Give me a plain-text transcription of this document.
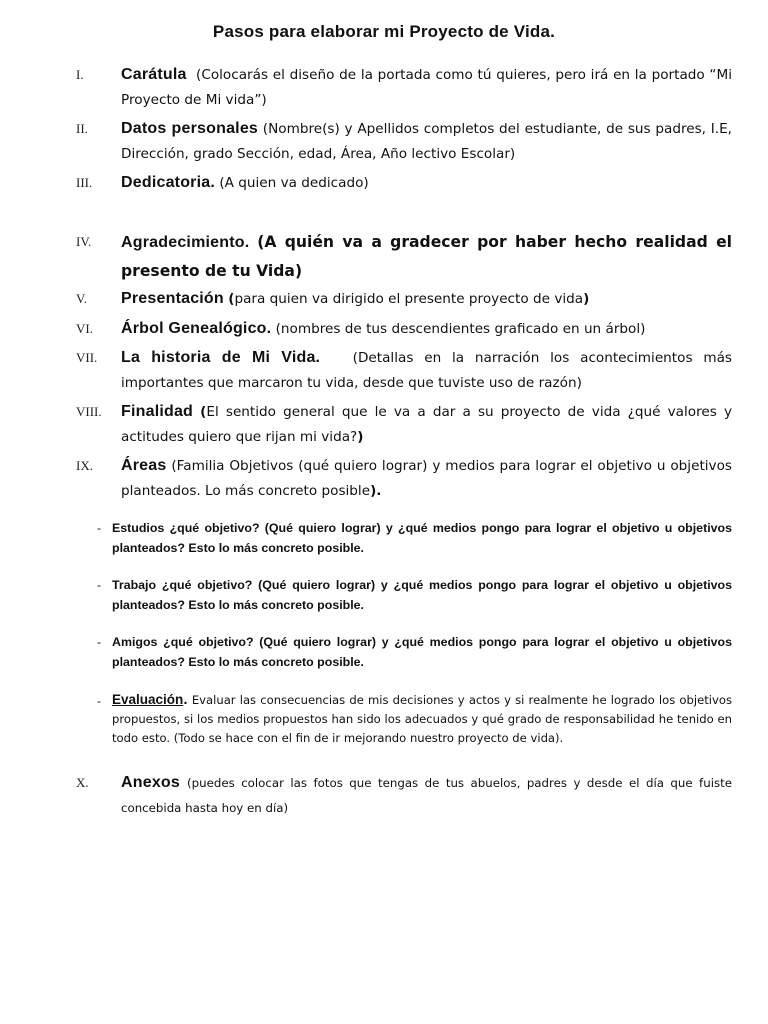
Pasos para elaborar mi Proyecto de Vida.
I. Carátula (Colocarás el diseño de la portada como tú quieres, pero irá en la portado “Mi Proyecto de Mi vida”)
II. Datos personales (Nombre(s) y Apellidos completos del estudiante, de sus padres, I.E, Dirección, grado Sección, edad, Área, Año lectivo Escolar)
III. Dedicatoria. (A quien va dedicado)
IV. Agradecimiento. (A quién va a gradecer por haber hecho realidad el presento de tu Vida)
V. Presentación (para quien va dirigido el presente proyecto de vida)
VI. Árbol Genealógico. (nombres de tus descendientes graficado en un árbol)
VII. La historia de Mi Vida. (Detallas en la narración los acontecimientos más importantes que marcaron tu vida, desde que tuviste uso de razón)
VIII. Finalidad (El sentido general que le va a dar a su proyecto de vida ¿qué valores y actitudes quiero que rijan mi vida?)
IX. Áreas (Familia Objetivos (qué quiero lograr) y medios para lograr el objetivo u objetivos planteados. Lo más concreto posible).
- Estudios ¿qué objetivo? (Qué quiero lograr) y ¿qué medios pongo para lograr el objetivo u objetivos planteados? Esto lo más concreto posible.
- Trabajo ¿qué objetivo? (Qué quiero lograr) y ¿qué medios pongo para lograr el objetivo u objetivos planteados? Esto lo más concreto posible.
- Amigos ¿qué objetivo? (Qué quiero lograr) y ¿qué medios pongo para lograr el objetivo u objetivos planteados? Esto lo más concreto posible.
- Evaluación. Evaluar las consecuencias de mis decisiones y actos y si realmente he logrado los objetivos propuestos, si los medios propuestos han sido los adecuados y qué grado de responsabilidad he tenido en todo esto. (Todo se hace con el fin de ir mejorando nuestro proyecto de vida).
X. Anexos (puedes colocar las fotos que tengas de tus abuelos, padres y desde el día que fuiste concebida hasta hoy en día)
